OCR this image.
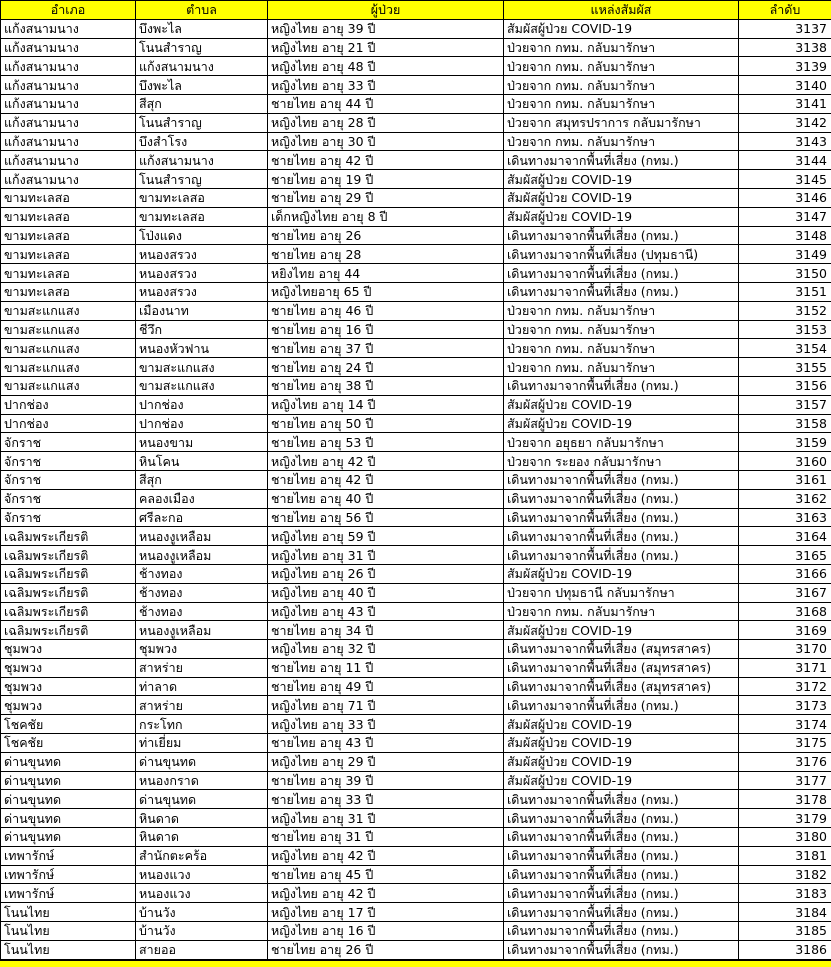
อำเภอ	ตำบล	ผู้ป่วย	แหล่งสัมผัส	ลำดับ
แก้งสนามนาง	บึงพะไล	หญิงไทย อายุ 39 ปี	สัมผัสผู้ป่วย COVID-19	3137
แก้งสนามนาง	โนนสำราญ	หญิงไทย อายุ 21 ปี	ป่วยจาก กทม. กลับมารักษา	3138
แก้งสนามนาง	แก้งสนามนาง	หญิงไทย อายุ 48 ปี	ป่วยจาก กทม. กลับมารักษา	3139
แก้งสนามนาง	บึงพะไล	หญิงไทย อายุ 33 ปี	ป่วยจาก กทม. กลับมารักษา	3140
แก้งสนามนาง	สีสุก	ชายไทย อายุ 44 ปี	ป่วยจาก กทม. กลับมารักษา	3141
แก้งสนามนาง	โนนสำราญ	หญิงไทย อายุ 28 ปี	ป่วยจาก สมุทรปราการ กลับมารักษา	3142
แก้งสนามนาง	บึงสำโรง	หญิงไทย อายุ 30 ปี	ป่วยจาก กทม. กลับมารักษา	3143
แก้งสนามนาง	แก้งสนามนาง	ชายไทย อายุ 42 ปี	เดินทางมาจากพื้นที่เสี่ยง (กทม.)	3144
แก้งสนามนาง	โนนสำราญ	ชายไทย อายุ 19 ปี	สัมผัสผู้ป่วย COVID-19	3145
ขามทะเลสอ	ขามทะเลสอ	ชายไทย อายุ 29 ปี	สัมผัสผู้ป่วย COVID-19	3146
ขามทะเลสอ	ขามทะเลสอ	เด็กหญิงไทย อายุ 8 ปี	สัมผัสผู้ป่วย COVID-19	3147
ขามทะเลสอ	โป่งแดง	ชายไทย อายุ 26	เดินทางมาจากพื้นที่เสี่ยง (กทม.)	3148
ขามทะเลสอ	หนองสรวง	ชายไทย อายุ 28	เดินทางมาจากพื้นที่เสี่ยง (ปทุมธานี)	3149
ขามทะเลสอ	หนองสรวง	หยิงไทย อายุ 44	เดินทางมาจากพื้นที่เสี่ยง (กทม.)	3150
ขามทะเลสอ	หนองสรวง	หญิงไทยอายุ 65 ปี	เดินทางมาจากพื้นที่เสี่ยง (กทม.)	3151
ขามสะแกแสง	เมืองนาท	ชายไทย อายุ 46 ปี	ป่วยจาก กทม. กลับมารักษา	3152
ขามสะแกแสง	ชีวึก	ชายไทย อายุ 16 ปี	ป่วยจาก กทม. กลับมารักษา	3153
ขามสะแกแสง	หนองหัวฟาน	ชายไทย อายุ 37 ปี	ป่วยจาก กทม. กลับมารักษา	3154
ขามสะแกแสง	ขามสะแกแสง	ชายไทย อายุ 24 ปี	ป่วยจาก กทม. กลับมารักษา	3155
ขามสะแกแสง	ขามสะแกแสง	ชายไทย อายุ 38 ปี	เดินทางมาจากพื้นที่เสี่ยง (กทม.)	3156
ปากช่อง	ปากช่อง	หญิงไทย อายุ 14 ปี	สัมผัสผู้ป่วย COVID-19	3157
ปากช่อง	ปากช่อง	ชายไทย อายุ 50 ปี	สัมผัสผู้ป่วย COVID-19	3158
จักราช	หนองขาม	ชายไทย อายุ 53 ปี	ป่วยจาก อยุธยา กลับมารักษา	3159
จักราช	หินโคน	หญิงไทย อายุ 42 ปี	ป่วยจาก ระยอง กลับมารักษา	3160
จักราช	สีสุก	ชายไทย อายุ 42 ปี	เดินทางมาจากพื้นที่เสี่ยง (กทม.)	3161
จักราช	คลองเมือง	ชายไทย อายุ 40 ปี	เดินทางมาจากพื้นที่เสี่ยง (กทม.)	3162
จักราช	ศรีละกอ	ชายไทย อายุ 56 ปี	เดินทางมาจากพื้นที่เสี่ยง (กทม.)	3163
เฉลิมพระเกียรติ	หนองงูเหลือม	หญิงไทย อายุ 59 ปี	เดินทางมาจากพื้นที่เสี่ยง (กทม.)	3164
เฉลิมพระเกียรติ	หนองงูเหลือม	หญิงไทย อายุ 31 ปี	เดินทางมาจากพื้นที่เสี่ยง (กทม.)	3165
เฉลิมพระเกียรติ	ช้างทอง	หญิงไทย อายุ 26 ปี	สัมผัสผู้ป่วย COVID-19	3166
เฉลิมพระเกียรติ	ช้างทอง	หญิงไทย อายุ 40 ปี	ป่วยจาก ปทุมธานี กลับมารักษา	3167
เฉลิมพระเกียรติ	ช้างทอง	หญิงไทย อายุ 43 ปี	ป่วยจาก กทม. กลับมารักษา	3168
เฉลิมพระเกียรติ	หนองงูเหลือม	ชายไทย อายุ 34 ปี	สัมผัสผู้ป่วย COVID-19	3169
ชุมพวง	ชุมพวง	หญิงไทย อายุ 32 ปี	เดินทางมาจากพื้นที่เสี่ยง (สมุทรสาคร)	3170
ชุมพวง	สาหร่าย	ชายไทย อายุ 11 ปี	เดินทางมาจากพื้นที่เสี่ยง (สมุทรสาคร)	3171
ชุมพวง	ท่าลาด	ชายไทย อายุ 49 ปี	เดินทางมาจากพื้นที่เสี่ยง (สมุทรสาคร)	3172
ชุมพวง	สาหร่าย	หญิงไทย อายุ 71 ปี	เดินทางมาจากพื้นที่เสี่ยง (กทม.)	3173
โชคชัย	กระโทก	หญิงไทย อายุ 33 ปี	สัมผัสผู้ป่วย COVID-19	3174
โชคชัย	ท่าเยี่ยม	ชายไทย อายุ 43 ปี	สัมผัสผู้ป่วย COVID-19	3175
ด่านขุนทด	ด่านขุนทด	หญิงไทย อายุ 29 ปี	สัมผัสผู้ป่วย COVID-19	3176
ด่านขุนทด	หนองกราด	ชายไทย อายุ 39 ปี	สัมผัสผู้ป่วย COVID-19	3177
ด่านขุนทด	ด่านขุนทด	ชายไทย อายุ 33 ปี	เดินทางมาจากพื้นที่เสี่ยง (กทม.)	3178
ด่านขุนทด	หินดาด	หญิงไทย อายุ 31 ปี	เดินทางมาจากพื้นที่เสี่ยง (กทม.)	3179
ด่านขุนทด	หินดาด	ชายไทย อายุ 31 ปี	เดินทางมาจากพื้นที่เสี่ยง (กทม.)	3180
เทพารักษ์	สำนักตะคร้อ	หญิงไทย อายุ 42 ปี	เดินทางมาจากพื้นที่เสี่ยง (กทม.)	3181
เทพารักษ์	หนองแวง	ชายไทย อายุ 45 ปี	เดินทางมาจากพื้นที่เสี่ยง (กทม.)	3182
เทพารักษ์	หนองแวง	หญิงไทย อายุ 42 ปี	เดินทางมาจากพื้นที่เสี่ยง (กทม.)	3183
โนนไทย	บ้านวัง	หญิงไทย อายุ 17 ปี	เดินทางมาจากพื้นที่เสี่ยง (กทม.)	3184
โนนไทย	บ้านวัง	หญิงไทย อายุ 16 ปี	เดินทางมาจากพื้นที่เสี่ยง (กทม.)	3185
โนนไทย	สายออ	ชายไทย อายุ 26 ปี	เดินทางมาจากพื้นที่เสี่ยง (กทม.)	3186
